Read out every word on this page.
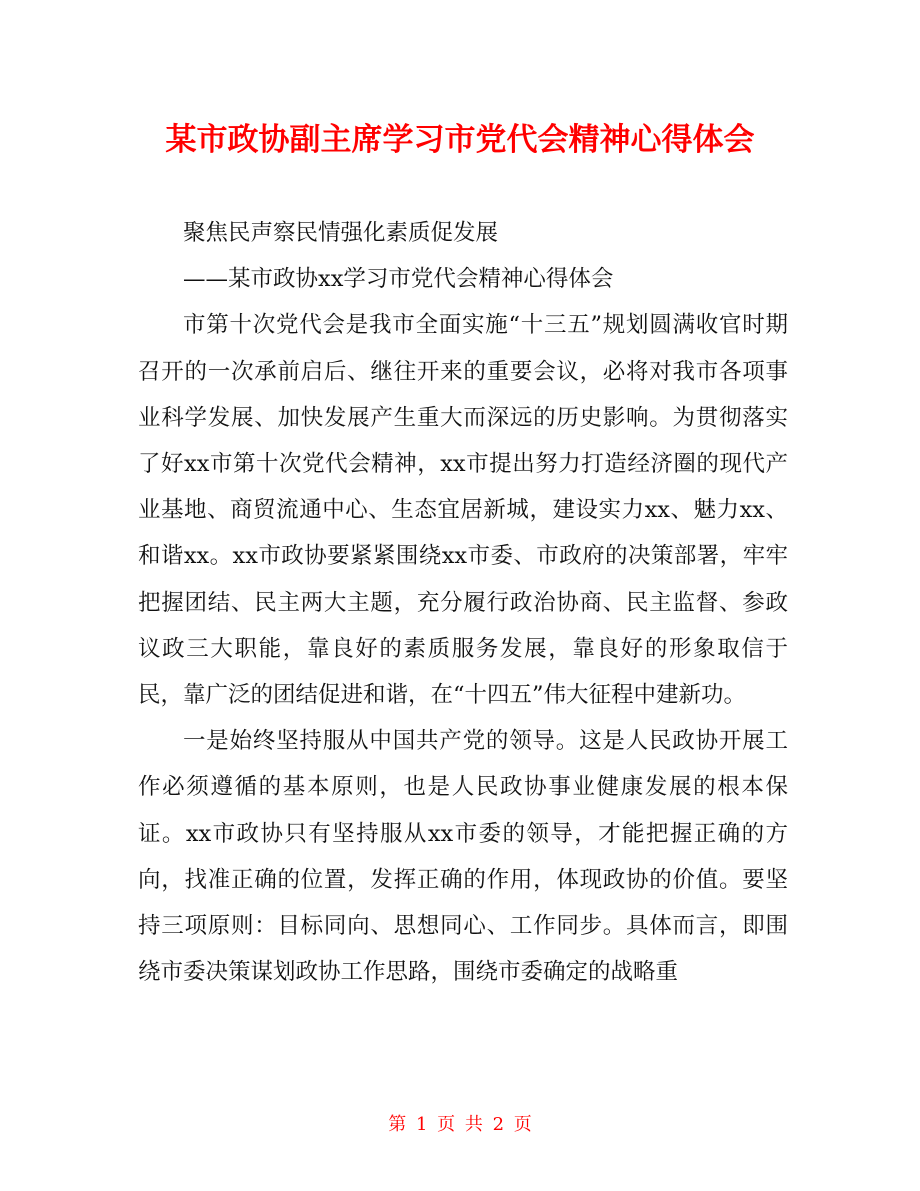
某市政协副主席学习市党代会精神心得体会

聚焦民声察民情强化素质促发展

——某市政协xx学习市党代会精神心得体会

市第十次党代会是我市全面实施“十三五”规划圆满收官时期召开的一次承前启后、继往开来的重要会议，必将对我市各项事业科学发展、加快发展产生重大而深远的历史影响。为贯彻落实了好xx市第十次党代会精神，xx市提出努力打造经济圈的现代产业基地、商贸流通中心、生态宜居新城，建设实力xx、魅力xx、和谐xx。xx市政协要紧紧围绕xx市委、市政府的决策部署，牢牢把握团结、民主两大主题，充分履行政治协商、民主监督、参政议政三大职能，靠良好的素质服务发展，靠良好的形象取信于民，靠广泛的团结促进和谐，在“十四五”伟大征程中建新功。

一是始终坚持服从中国共产党的领导。这是人民政协开展工作必须遵循的基本原则，也是人民政协事业健康发展的根本保证。xx市政协只有坚持服从xx市委的领导，才能把握正确的方向，找准正确的位置，发挥正确的作用，体现政协的价值。要坚持三项原则：目标同向、思想同心、工作同步。具体而言，即围绕市委决策谋划政协工作思路，围绕市委确定的战略重

第 1 页 共 2 页
